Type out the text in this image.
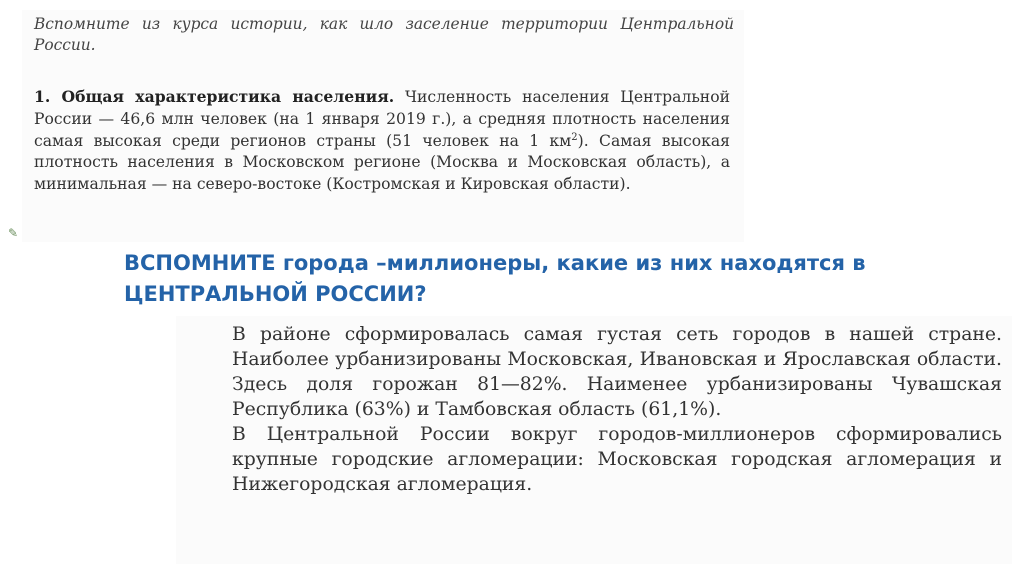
Вспомните из курса истории, как шло заселение территории Центральной России.
1. Общая характеристика населения. Численность населения Центральной России — 46,6 млн человек (на 1 января 2019 г.), а средняя плотность населения самая высокая среди регионов страны (51 человек на 1 $км^2$). Самая высокая плотность населения в Московском регионе (Москва и Московская область), а минимальная — на северо-востоке (Костромская и Кировская области).
✎
ВСПОМНИТЕ города –миллионеры, какие из них находятся в ЦЕНТРАЛЬНОЙ РОССИИ?

В районе сформировалась самая густая сеть городов в нашей стране. Наиболее урбанизированы Московская, Ивановская и Ярославская области. Здесь доля горожан 81—82%. Наименее урбанизированы Чувашская Республика (63%) и Тамбовская область (61,1%).

В Центральной России вокруг городов-миллионеров сформировались крупные городские агломерации: Московская городская агломерация и Нижегородская агломерация.
